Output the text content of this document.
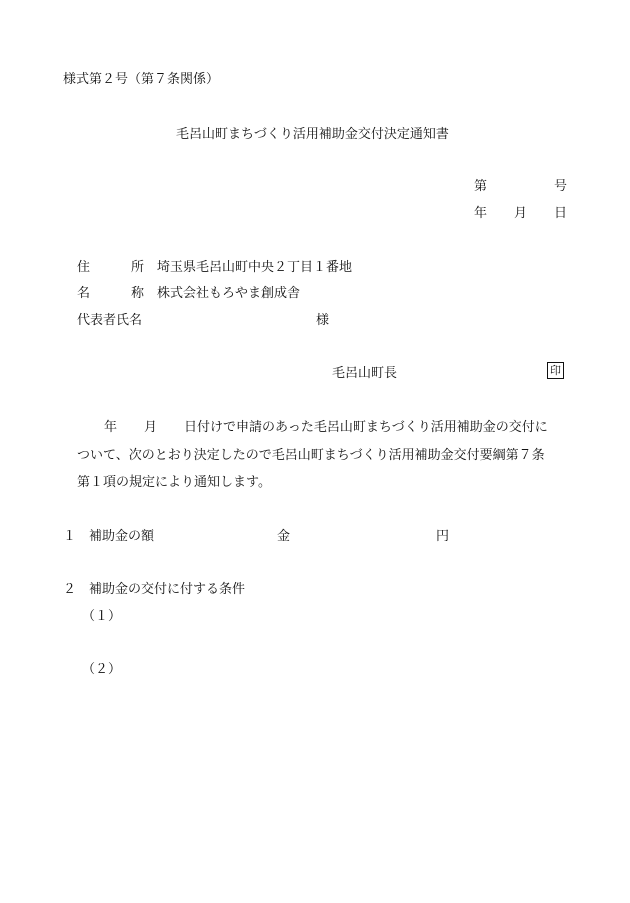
様式第２号（第７条関係）
毛呂山町まちづくり活用補助金交付決定通知書
第	号
年 月 日
住	所 埼玉県毛呂山町中央２丁目１番地
名	称 株式会社もろやま創成舎
代表者氏名	様
毛呂山町長	印
年 月 日付けで申請のあった毛呂山町まちづくり活用補助金の交付に
ついて、次のとおり決定したので毛呂山町まちづくり活用補助金交付要綱第７条
第１項の規定により通知します。
１　補助金の額	金	円
２　補助金の交付に付する条件
（１）
（２）
